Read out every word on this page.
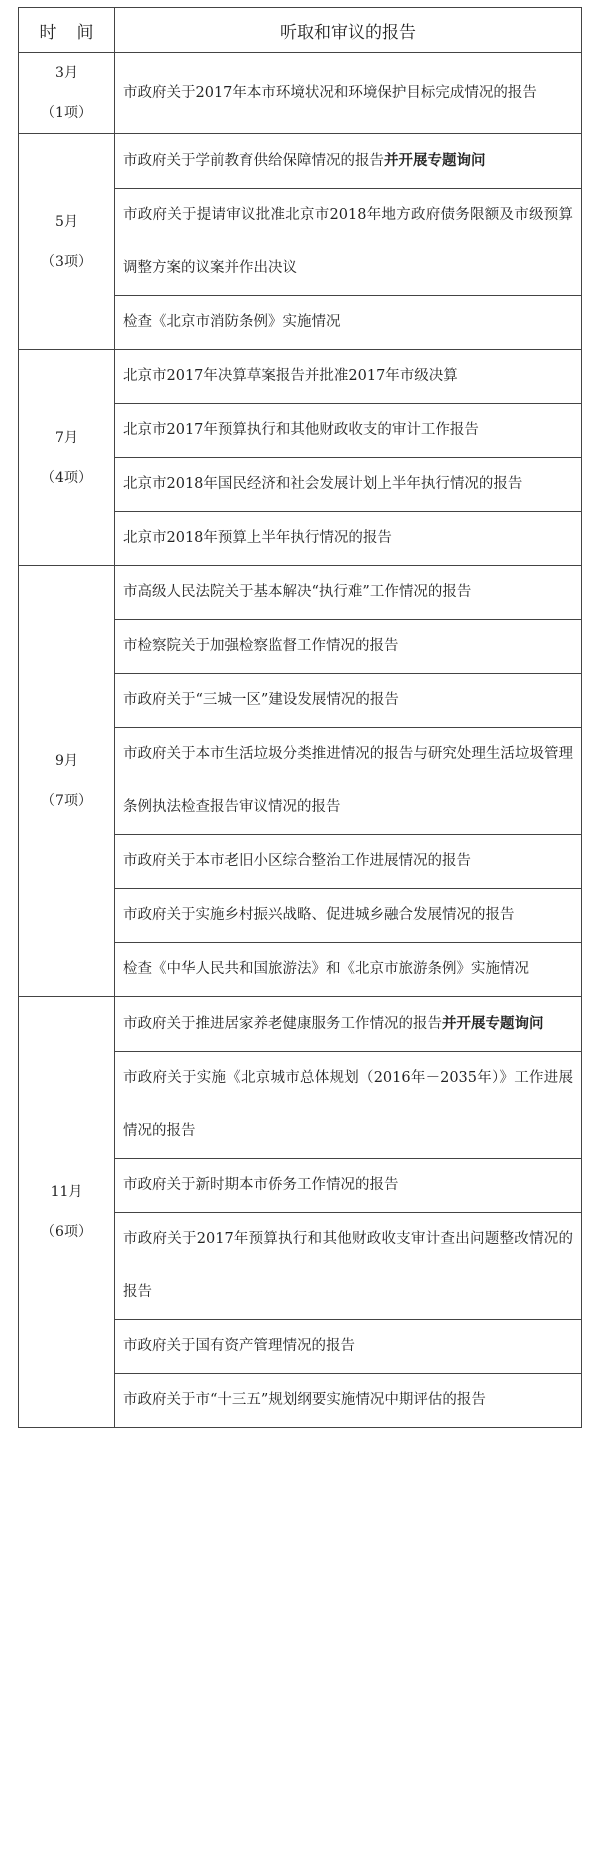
时间	听取和审议的报告

3月
（1项）	市政府关于2017年本市环境状况和环境保护目标完成情况的报告

5月
（3项）	市政府关于学前教育供给保障情况的报告并开展专题询问
	市政府关于提请审议批准北京市2018年地方政府债务限额及市级预算调整方案的议案并作出决议
	检查《北京市消防条例》实施情况

7月
（4项）	北京市2017年决算草案报告并批准2017年市级决算
	北京市2017年预算执行和其他财政收支的审计工作报告
	北京市2018年国民经济和社会发展计划上半年执行情况的报告
	北京市2018年预算上半年执行情况的报告

9月
（7项）	市高级人民法院关于基本解决“执行难”工作情况的报告
	市检察院关于加强检察监督工作情况的报告
	市政府关于“三城一区”建设发展情况的报告
	市政府关于本市生活垃圾分类推进情况的报告与研究处理生活垃圾管理条例执法检查报告审议情况的报告
	市政府关于本市老旧小区综合整治工作进展情况的报告
	市政府关于实施乡村振兴战略、促进城乡融合发展情况的报告
	检查《中华人民共和国旅游法》和《北京市旅游条例》实施情况

11月
（6项）	市政府关于推进居家养老健康服务工作情况的报告并开展专题询问
	市政府关于实施《北京城市总体规划（2016年－2035年）》工作进展情况的报告
	市政府关于新时期本市侨务工作情况的报告
	市政府关于2017年预算执行和其他财政收支审计查出问题整改情况的报告
	市政府关于国有资产管理情况的报告
	市政府关于市“十三五”规划纲要实施情况中期评估的报告
